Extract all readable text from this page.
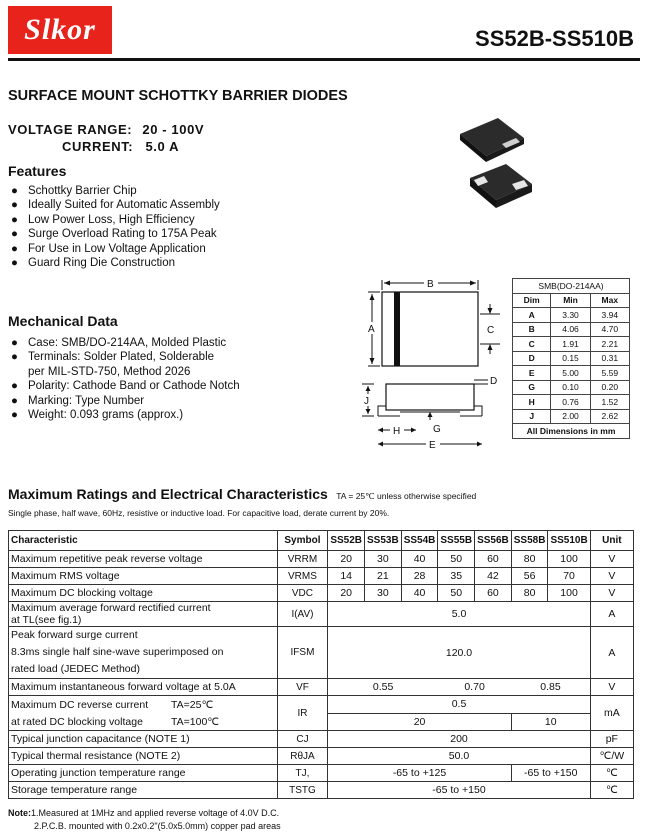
Slkor	SS52B-SS510B
SURFACE MOUNT SCHOTTKY BARRIER DIODES
VOLTAGE RANGE: 20 - 100V
CURRENT: 5.0 A
Features
● Schottky Barrier Chip
● Ideally Suited for Automatic Assembly
● Low Power Loss, High Efficiency
● Surge Overload Rating to 175A Peak
● For Use in Low Voltage Application
● Guard Ring Die Construction
Mechanical Data
● Case: SMB/DO-214AA, Molded Plastic
● Terminals: Solder Plated, Solderable
per MIL-STD-750, Method 2026
● Polarity: Cathode Band or Cathode Notch
● Marking: Type Number
● Weight: 0.093 grams (approx.)
B
A	C
D
J
G
H
E
SMB(DO-214AA)		
Dim	Min	Max
A	3.30	3.94
B	4.06	4.70
C	1.91	2.21
D	0.15	0.31
E	5.00	5.59
G	0.10	0.20
H	0.76	1.52
J	2.00	2.62
All Dimensions in mm		
Maximum Ratings and Electrical Characteristics TA = 25℃ unless otherwise specified
Single phase, half wave, 60Hz, resistive or inductive load. For capacitive load, derate current by 20%.
Characteristic	Symbol	SS52B	SS53B	SS54B	SS55B	SS56B	SS58B	SS510B	Unit
Maximum repetitive peak reverse voltage	VRRM	20	30	40	50	60	80	100	V
Maximum RMS voltage	VRMS	14	21	28	35	42	56	70	V
Maximum DC blocking voltage	VDC	20	30	40	50	60	80	100	V
Maximum average forward rectified current
at TL(see fig.1)	I(AV)	5.0							A
Peak forward surge current
8.3ms single half sine-wave superimposed on
rated load (JEDEC Method)	IFSM	120.0							A
Maximum instantaneous forward voltage at 5.0A	VF	0.55			0.70		0.85		V

Maximum DC reverse current TA=25℃
at rated DC blocking voltage TA=100℃	IR	0.5							mA
		20					10		
Typical junction capacitance (NOTE 1)	CJ	200							pF
Typical thermal resistance (NOTE 2)	RθJA	50.0							℃/W
Operating junction temperature range	TJ,	-65 to +125					-65 to +150		℃
Storage temperature range	TSTG	-65 to +150							℃
Note:1.Measured at 1MHz and applied reverse voltage of 4.0V D.C.
2.P.C.B. mounted with 0.2x0.2"(5.0x5.0mm) copper pad areas
